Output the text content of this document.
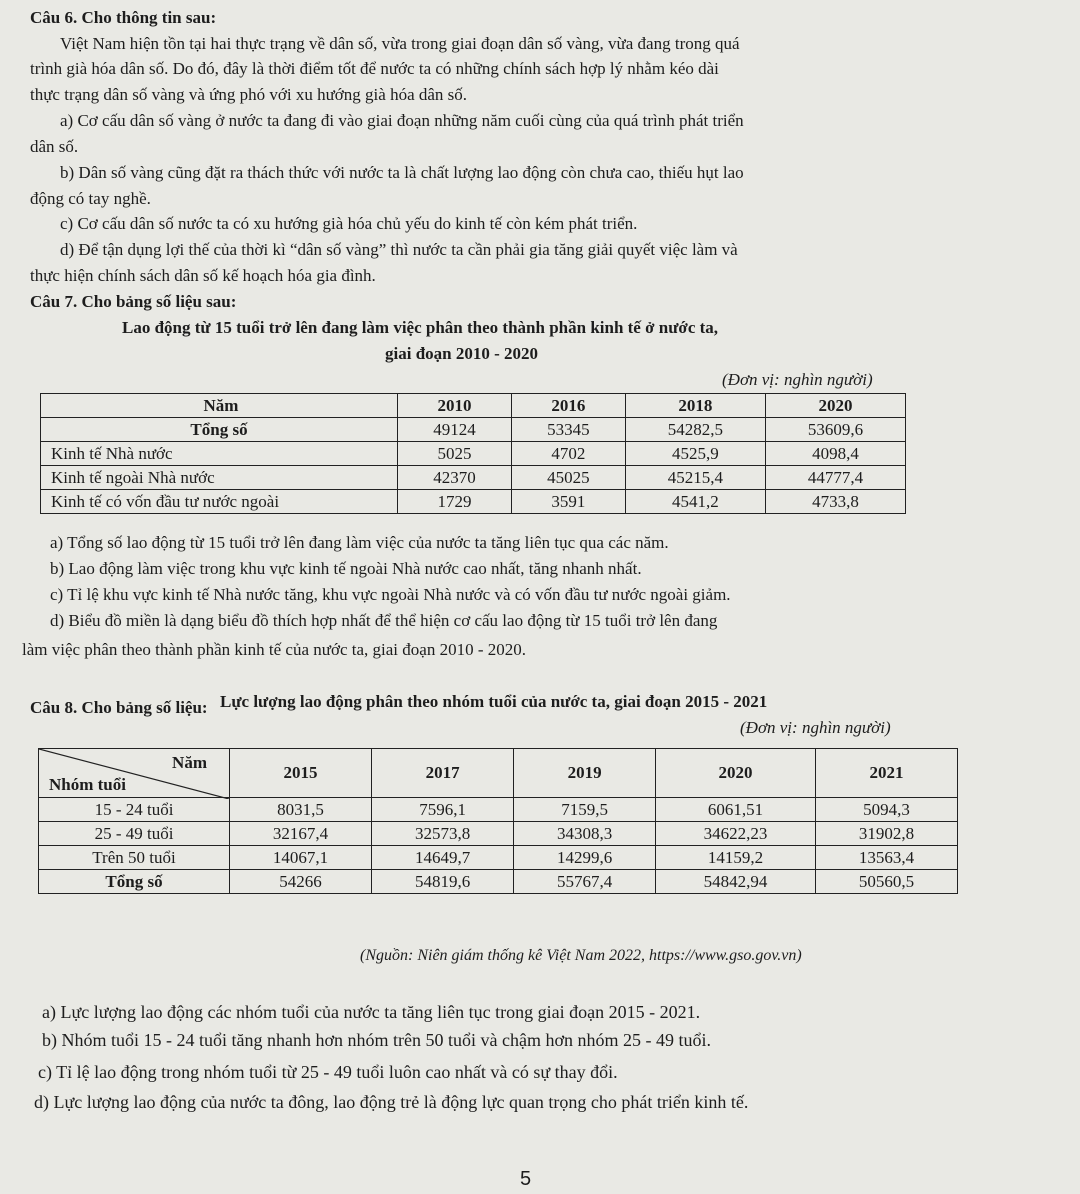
Câu 6. Cho thông tin sau:
Việt Nam hiện tồn tại hai thực trạng về dân số, vừa trong giai đoạn dân số vàng, vừa đang trong quá
trình già hóa dân số. Do đó, đây là thời điểm tốt để nước ta có những chính sách hợp lý nhằm kéo dài
thực trạng dân số vàng và ứng phó với xu hướng già hóa dân số.
a) Cơ cấu dân số vàng ở nước ta đang đi vào giai đoạn những năm cuối cùng của quá trình phát triển
dân số.
b) Dân số vàng cũng đặt ra thách thức với nước ta là chất lượng lao động còn chưa cao, thiếu hụt lao
động có tay nghề.
c) Cơ cấu dân số nước ta có xu hướng già hóa chủ yếu do kinh tế còn kém phát triển.
d) Để tận dụng lợi thế của thời kì “dân số vàng” thì nước ta cần phải gia tăng giải quyết việc làm và
thực hiện chính sách dân số kế hoạch hóa gia đình.
Câu 7. Cho bảng số liệu sau:
Lao động từ 15 tuổi trở lên đang làm việc phân theo thành phần kinh tế ở nước ta,
giai đoạn 2010 - 2020
(Đơn vị: nghìn người)
Năm	2010	2016	2018	2020
Tổng số	49124	53345	54282,5	53609,6
Kinh tế Nhà nước	5025	4702	4525,9	4098,4
Kinh tế ngoài Nhà nước	42370	45025	45215,4	44777,4
Kinh tế có vốn đầu tư nước ngoài	1729	3591	4541,2	4733,8
a) Tổng số lao động từ 15 tuổi trở lên đang làm việc của nước ta tăng liên tục qua các năm.
b) Lao động làm việc trong khu vực kinh tế ngoài Nhà nước cao nhất, tăng nhanh nhất.
c) Tỉ lệ khu vực kinh tế Nhà nước tăng, khu vực ngoài Nhà nước và có vốn đầu tư nước ngoài giảm.
d) Biểu đồ miền là dạng biểu đồ thích hợp nhất để thể hiện cơ cấu lao động từ 15 tuổi trở lên đang
làm việc phân theo thành phần kinh tế của nước ta, giai đoạn 2010 - 2020.
Câu 8. Cho bảng số liệu: Lực lượng lao động phân theo nhóm tuổi của nước ta, giai đoạn 2015 - 2021
(Đơn vị: nghìn người)
Năm
Nhóm tuổi	2015	2017	2019	2020	2021
15 - 24 tuổi	8031,5	7596,1	7159,5	6061,51	5094,3
25 - 49 tuổi	32167,4	32573,8	34308,3	34622,23	31902,8
Trên 50 tuổi	14067,1	14649,7	14299,6	14159,2	13563,4
Tổng số	54266	54819,6	55767,4	54842,94	50560,5
(Nguồn: Niên giám thống kê Việt Nam 2022, https://www.gso.gov.vn)
a) Lực lượng lao động các nhóm tuổi của nước ta tăng liên tục trong giai đoạn 2015 - 2021.
b) Nhóm tuổi 15 - 24 tuổi tăng nhanh hơn nhóm trên 50 tuổi và chậm hơn nhóm 25 - 49 tuổi.
c) Tỉ lệ lao động trong nhóm tuổi từ 25 - 49 tuổi luôn cao nhất và có sự thay đổi.
d) Lực lượng lao động của nước ta đông, lao động trẻ là động lực quan trọng cho phát triển kinh tế.
5
